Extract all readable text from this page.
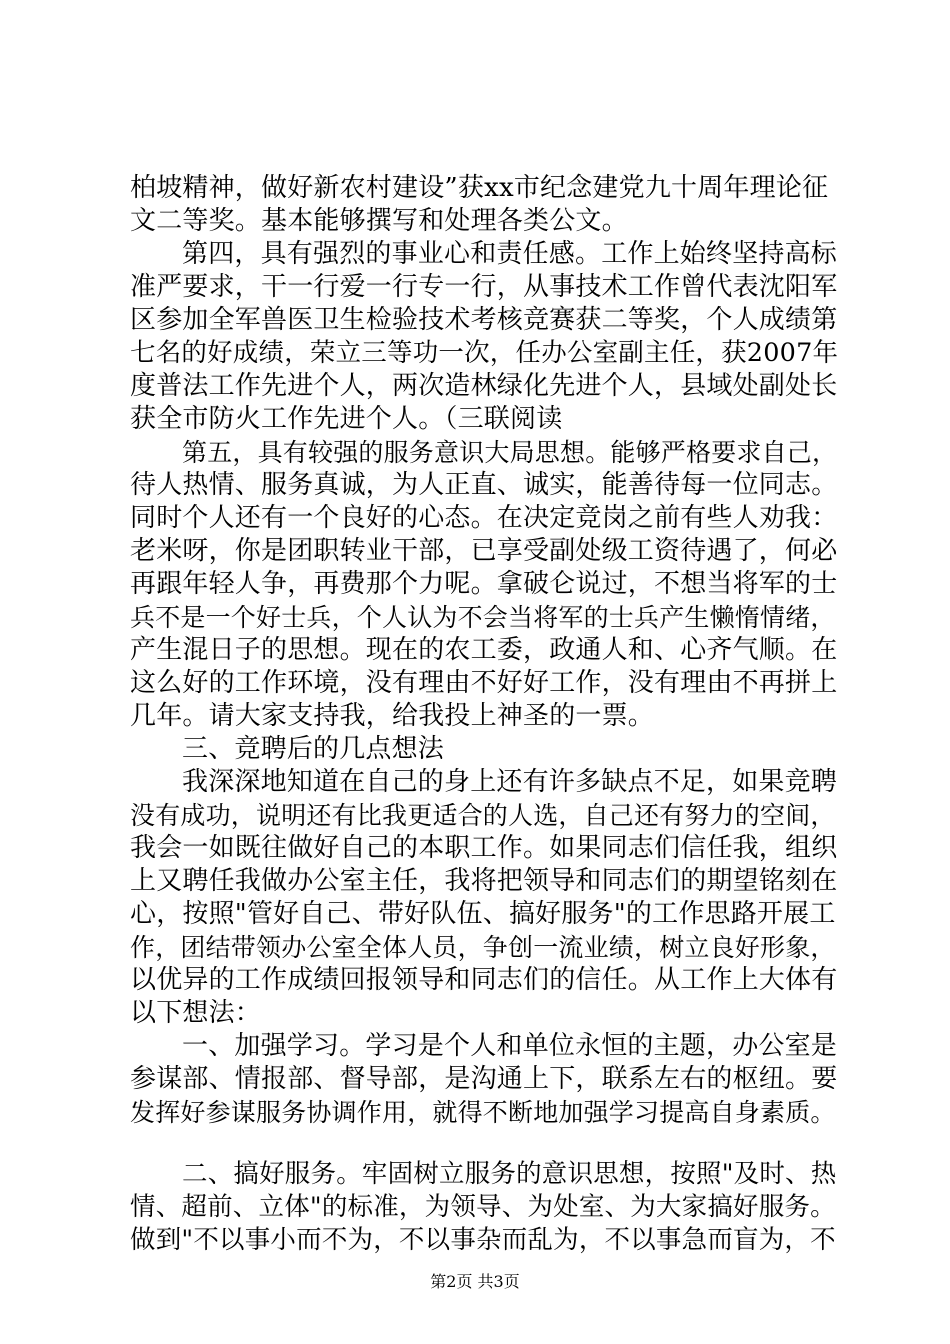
柏坡精神，做好新农村建设”获xx市纪念建党九十周年理论征
文二等奖。基本能够撰写和处理各类公文。
第四，具有强烈的事业心和责任感。工作上始终坚持高标
准严要求，干一行爱一行专一行，从事技术工作曾代表沈阳军
区参加全军兽医卫生检验技术考核竞赛获二等奖，个人成绩第
七名的好成绩，荣立三等功一次，任办公室副主任，获2007年
度普法工作先进个人，两次造林绿化先进个人，县域处副处长
获全市防火工作先进个人。（三联阅读
第五，具有较强的服务意识大局思想。能够严格要求自己，
待人热情、服务真诚，为人正直、诚实，能善待每一位同志。
同时个人还有一个良好的心态。在决定竞岗之前有些人劝我：
老米呀，你是团职转业干部，已享受副处级工资待遇了，何必
再跟年轻人争，再费那个力呢。拿破仑说过，不想当将军的士
兵不是一个好士兵，个人认为不会当将军的士兵产生懒惰情绪，
产生混日子的思想。现在的农工委，政通人和、心齐气顺。在
这么好的工作环境，没有理由不好好工作，没有理由不再拼上
几年。请大家支持我，给我投上神圣的一票。
三、竞聘后的几点想法
我深深地知道在自己的身上还有许多缺点不足，如果竞聘
没有成功，说明还有比我更适合的人选，自己还有努力的空间，
我会一如既往做好自己的本职工作。如果同志们信任我，组织
上又聘任我做办公室主任，我将把领导和同志们的期望铭刻在
心，按照"管好自己、带好队伍、搞好服务"的工作思路开展工
作，团结带领办公室全体人员，争创一流业绩，树立良好形象，
以优异的工作成绩回报领导和同志们的信任。从工作上大体有
以下想法：
一、加强学习。学习是个人和单位永恒的主题，办公室是
参谋部、情报部、督导部，是沟通上下，联系左右的枢纽。要
发挥好参谋服务协调作用，就得不断地加强学习提高自身素质。
二、搞好服务。牢固树立服务的意识思想，按照"及时、热
情、超前、立体"的标准，为领导、为处室、为大家搞好服务。
做到"不以事小而不为，不以事杂而乱为，不以事急而盲为，不
第2页 共3页
